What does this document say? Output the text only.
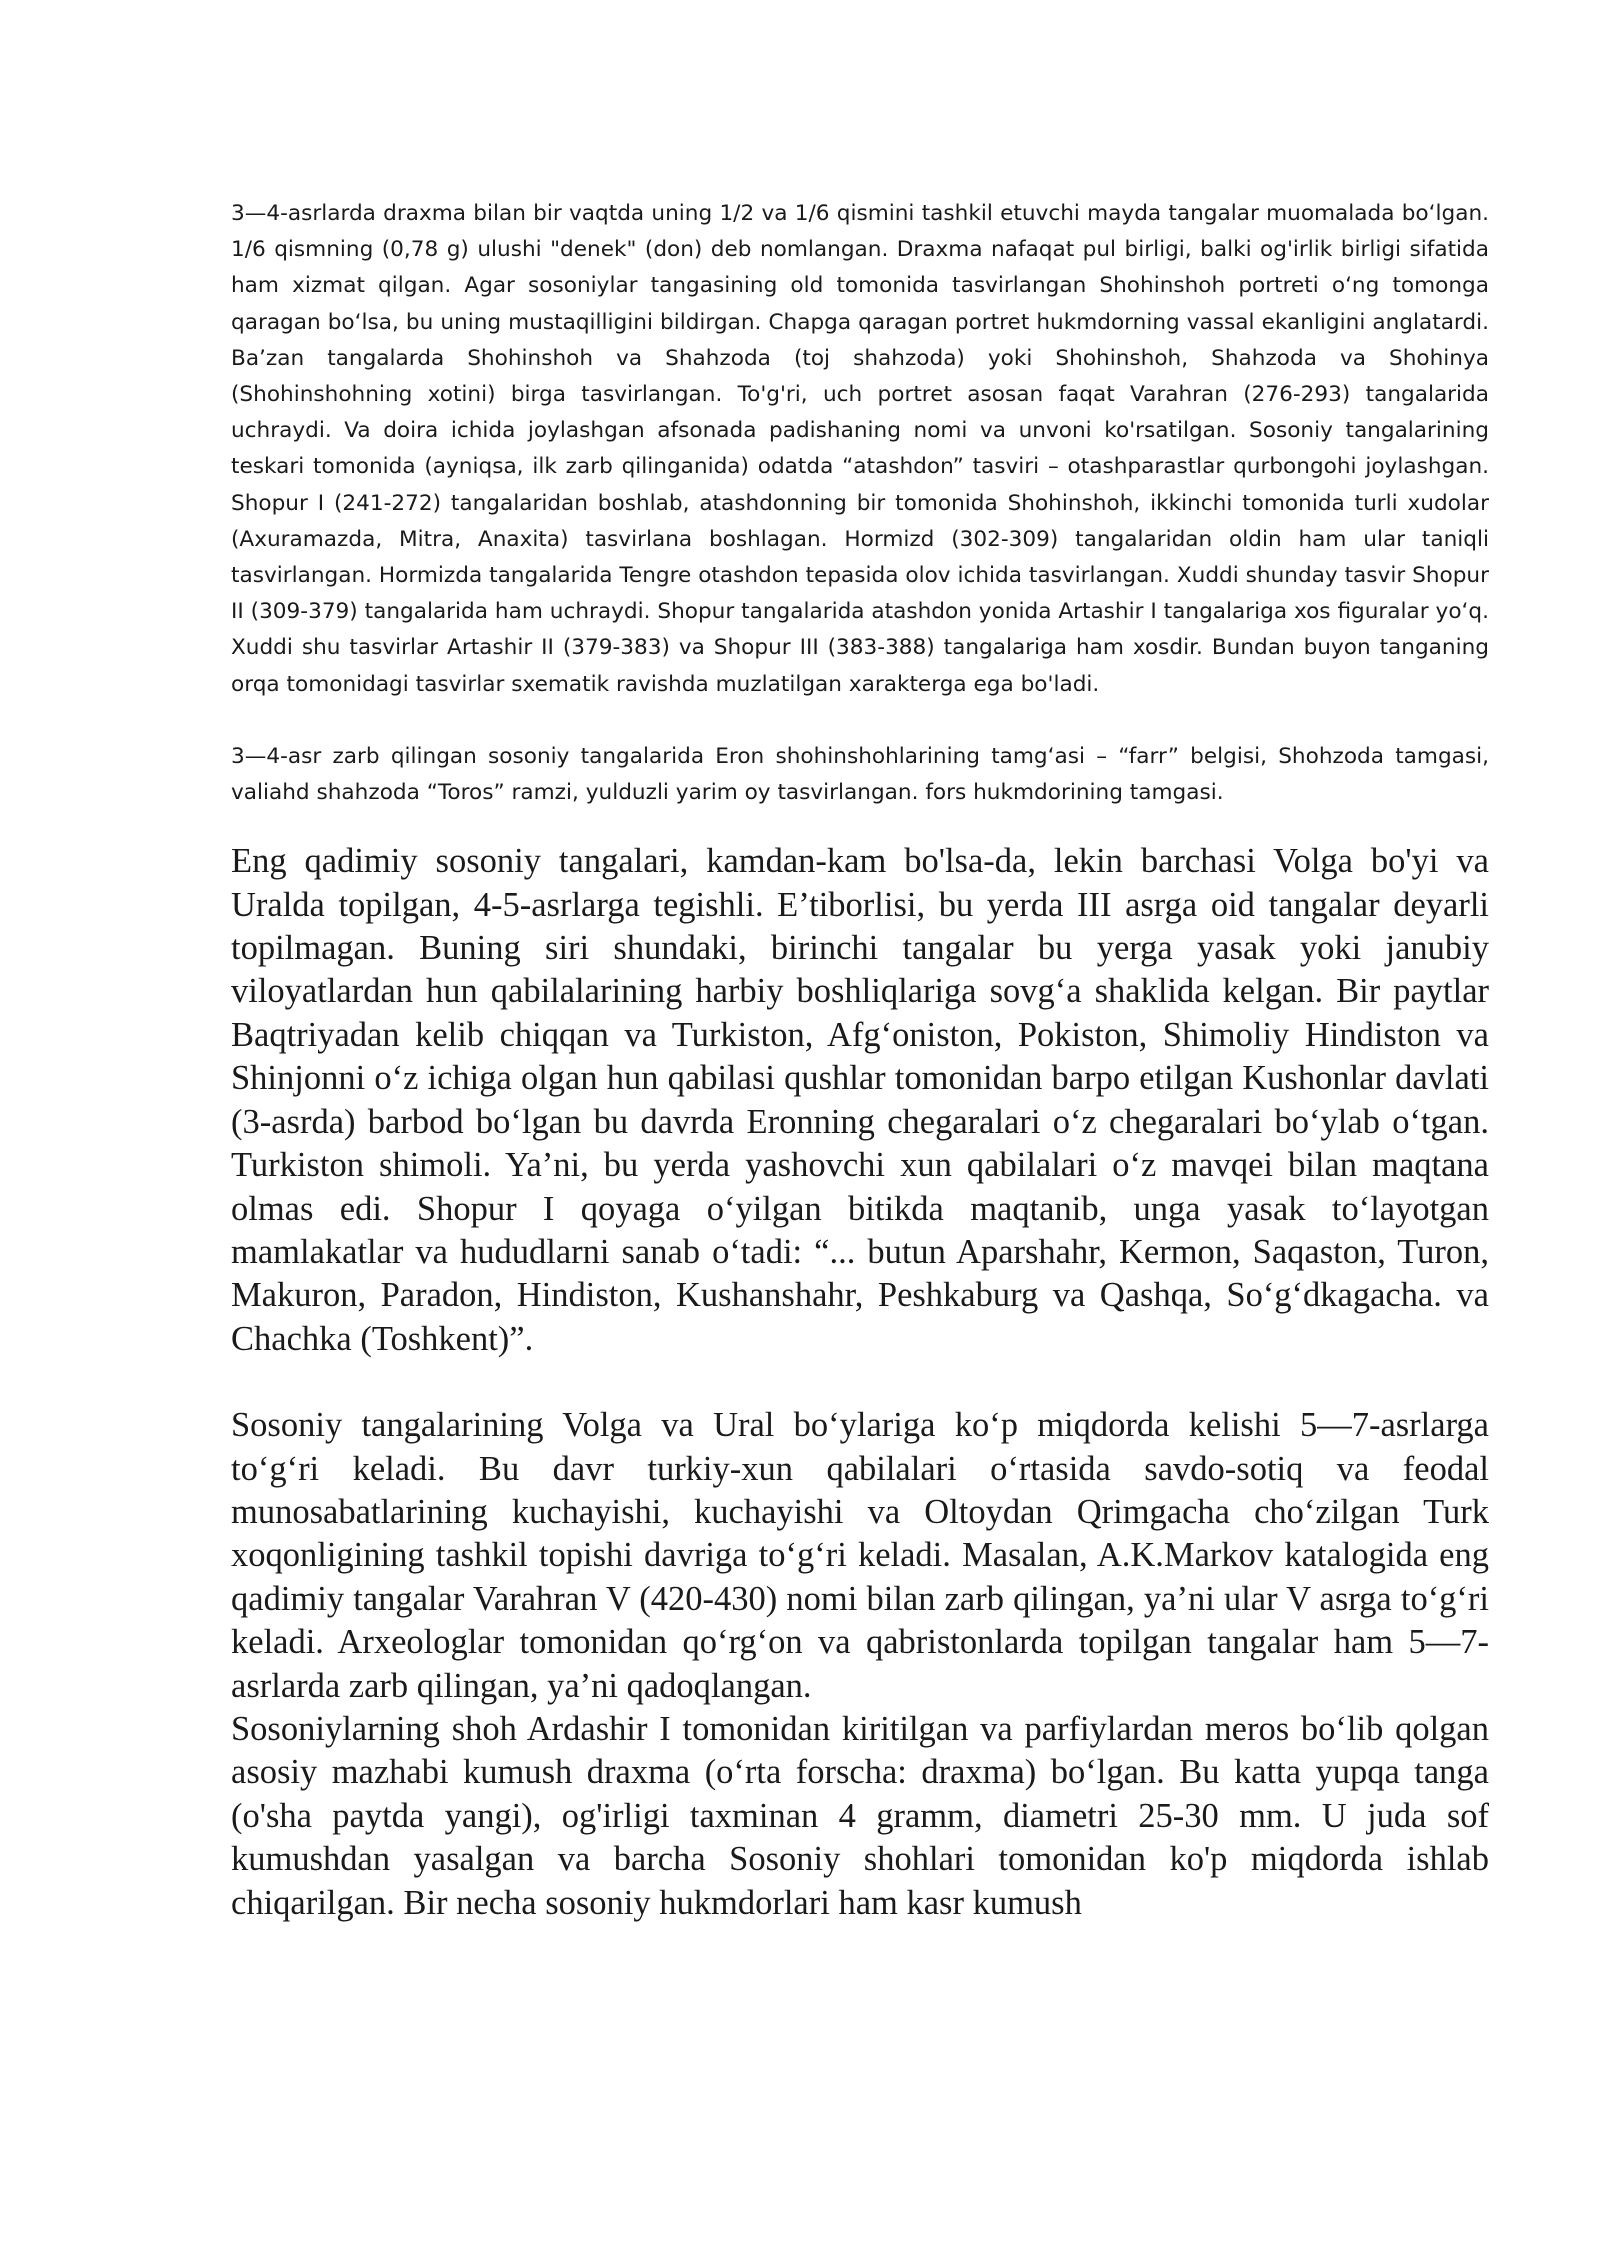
3—4-asrlarda draxma bilan bir vaqtda uning 1/2 va 1/6 qismini tashkil etuvchi mayda tangalar muomalada boʻlgan. 1/6 qismning (0,78 g) ulushi "denek" (don) deb nomlangan. Draxma nafaqat pul birligi, balki og'irlik birligi sifatida ham xizmat qilgan. Agar sosoniylar tangasining old tomonida tasvirlangan Shohinshoh portreti oʻng tomonga qaragan boʻlsa, bu uning mustaqilligini bildirgan. Chapga qaragan portret hukmdorning vassal ekanligini anglatardi. Ba’zan tangalarda Shohinshoh va Shahzoda (toj shahzoda) yoki Shohinshoh, Shahzoda va Shohinya (Shohinshohning xotini) birga tasvirlangan. To'g'ri, uch portret asosan faqat Varahran (276-293) tangalarida uchraydi. Va doira ichida joylashgan afsonada padishaning nomi va unvoni ko'rsatilgan. Sosoniy tangalarining teskari tomonida (ayniqsa, ilk zarb qilinganida) odatda “atashdon” tasviri – otashparastlar qurbongohi joylashgan. Shopur I (241-272) tangalaridan boshlab, atashdonning bir tomonida Shohinshoh, ikkinchi tomonida turli xudolar (Axuramazda, Mitra, Anaxita) tasvirlana boshlagan. Hormizd (302-309) tangalaridan oldin ham ular taniqli tasvirlangan. Hormizda tangalarida Tengre otashdon tepasida olov ichida tasvirlangan. Xuddi shunday tasvir Shopur II (309-379) tangalarida ham uchraydi. Shopur tangalarida atashdon yonida Artashir I tangalariga xos figuralar yoʻq. Xuddi shu tasvirlar Artashir II (379-383) va Shopur III (383-388) tangalariga ham xosdir. Bundan buyon tanganing orqa tomonidagi tasvirlar sxematik ravishda muzlatilgan xarakterga ega bo'ladi.

3—4-asr zarb qilingan sosoniy tangalarida Eron shohinshohlarining tamgʻasi – “farr” belgisi, Shohzoda tamgasi, valiahd shahzoda “Toros” ramzi, yulduzli yarim oy tasvirlangan. fors hukmdorining tamgasi.

Eng qadimiy sosoniy tangalari, kamdan-kam bo'lsa-da, lekin barchasi Volga bo'yi va Uralda topilgan, 4-5-asrlarga tegishli. E’tiborlisi, bu yerda III asrga oid tangalar deyarli topilmagan. Buning siri shundaki, birinchi tangalar bu yerga yasak yoki janubiy viloyatlardan hun qabilalarining harbiy boshliqlariga sovgʻa shaklida kelgan. Bir paytlar Baqtriyadan kelib chiqqan va Turkiston, Afgʻoniston, Pokiston, Shimoliy Hindiston va Shinjonni oʻz ichiga olgan hun qabilasi qushlar tomonidan barpo etilgan Kushonlar davlati (3-asrda) barbod boʻlgan bu davrda Eronning chegaralari oʻz chegaralari boʻylab oʻtgan. Turkiston shimoli. Ya’ni, bu yerda yashovchi xun qabilalari oʻz mavqei bilan maqtana olmas edi. Shopur I qoyaga oʻyilgan bitikda maqtanib, unga yasak toʻlayotgan mamlakatlar va hududlarni sanab oʻtadi: “... butun Aparshahr, Kermon, Saqaston, Turon, Makuron, Paradon, Hindiston, Kushanshahr, Peshkaburg va Qashqa, Soʻgʻdkagacha. va Chachka (Toshkent)”.

Sosoniy tangalarining Volga va Ural boʻylariga koʻp miqdorda kelishi 5—7-asrlarga toʻgʻri keladi. Bu davr turkiy-xun qabilalari oʻrtasida savdo-sotiq va feodal munosabatlarining kuchayishi, kuchayishi va Oltoydan Qrimgacha choʻzilgan Turk xoqonligining tashkil topishi davriga toʻgʻri keladi. Masalan, A.K.Markov katalogida eng qadimiy tangalar Varahran V (420-430) nomi bilan zarb qilingan, ya’ni ular V asrga toʻgʻri keladi. Arxeologlar tomonidan qoʻrgʻon va qabristonlarda topilgan tangalar ham 5—7-asrlarda zarb qilingan, ya’ni qadoqlangan.

Sosoniylarning shoh Ardashir I tomonidan kiritilgan va parfiylardan meros boʻlib qolgan asosiy mazhabi kumush draxma (oʻrta forscha: draxma) boʻlgan. Bu katta yupqa tanga (o'sha paytda yangi), og'irligi taxminan 4 gramm, diametri 25-30 mm. U juda sof kumushdan yasalgan va barcha Sosoniy shohlari tomonidan ko'p miqdorda ishlab chiqarilgan. Bir necha sosoniy hukmdorlari ham kasr kumush
